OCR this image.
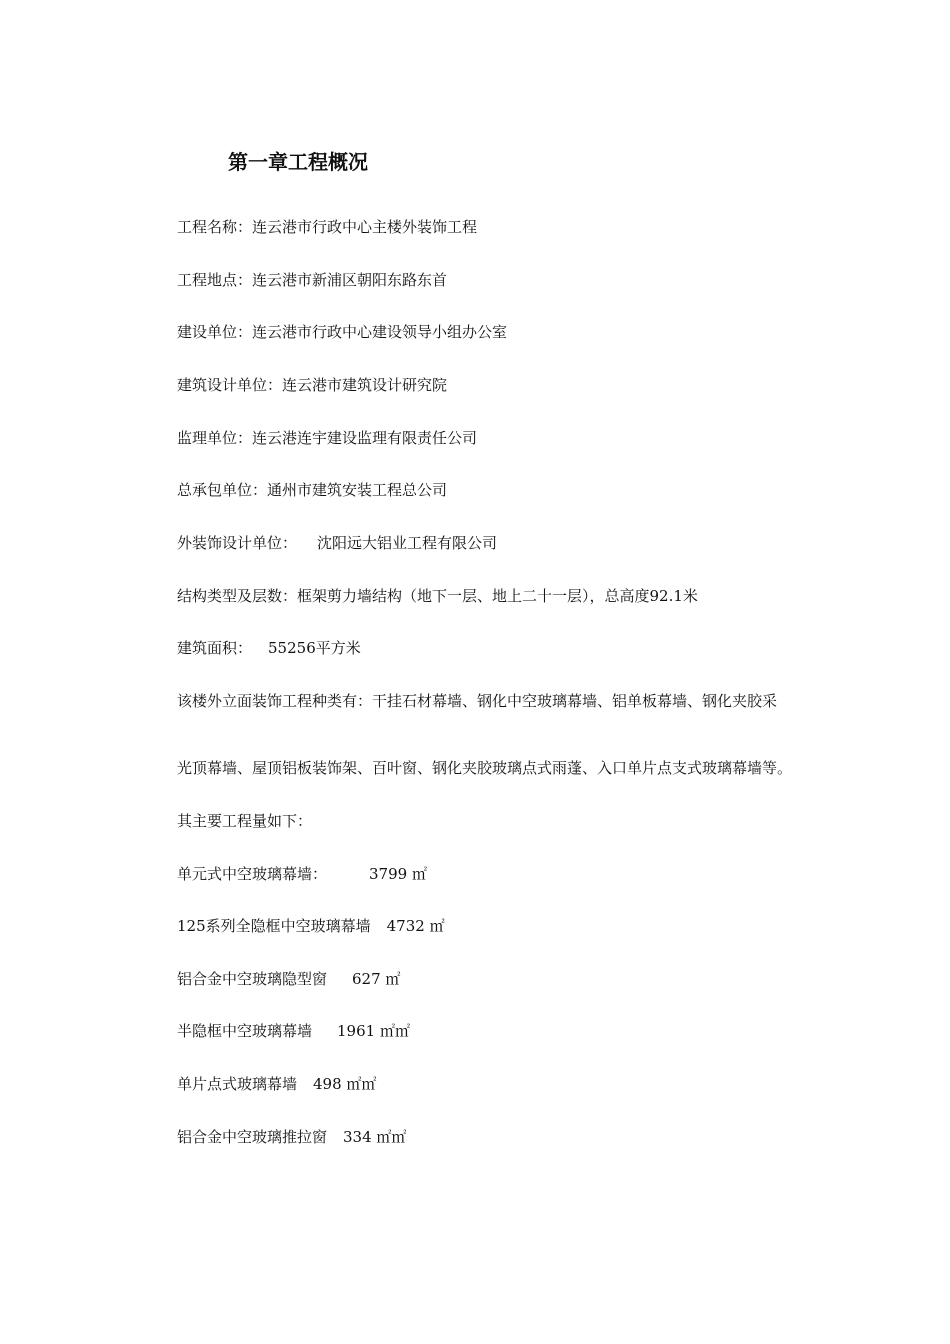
第一章工程概况
工程名称：连云港市行政中心主楼外装饰工程
工程地点：连云港市新浦区朝阳东路东首
建设单位：连云港市行政中心建设领导小组办公室
建筑设计单位：连云港市建筑设计研究院
监理单位：连云港连宇建设监理有限责任公司
总承包单位：通州市建筑安装工程总公司
外装饰设计单位： 沈阳远大铝业工程有限公司
结构类型及层数：框架剪力墙结构（地下一层、地上二十一层），总高度92.1米
建筑面积： 55256平方米
该楼外立面装饰工程种类有：干挂石材幕墙、钢化中空玻璃幕墙、铝单板幕墙、钢化夹胶采
光顶幕墙、屋顶铝板装饰架、百叶窗、钢化夹胶玻璃点式雨蓬、入口单片点支式玻璃幕墙等。
其主要工程量如下：
单元式中空玻璃幕墙：	3799 ㎡
125系列全隐框中空玻璃幕墙 4732 ㎡
铝合金中空玻璃隐型窗 627 ㎡
半隐框中空玻璃幕墙 1961 ㎡㎡
单片点式玻璃幕墙 498 ㎡㎡
铝合金中空玻璃推拉窗 334 ㎡㎡
